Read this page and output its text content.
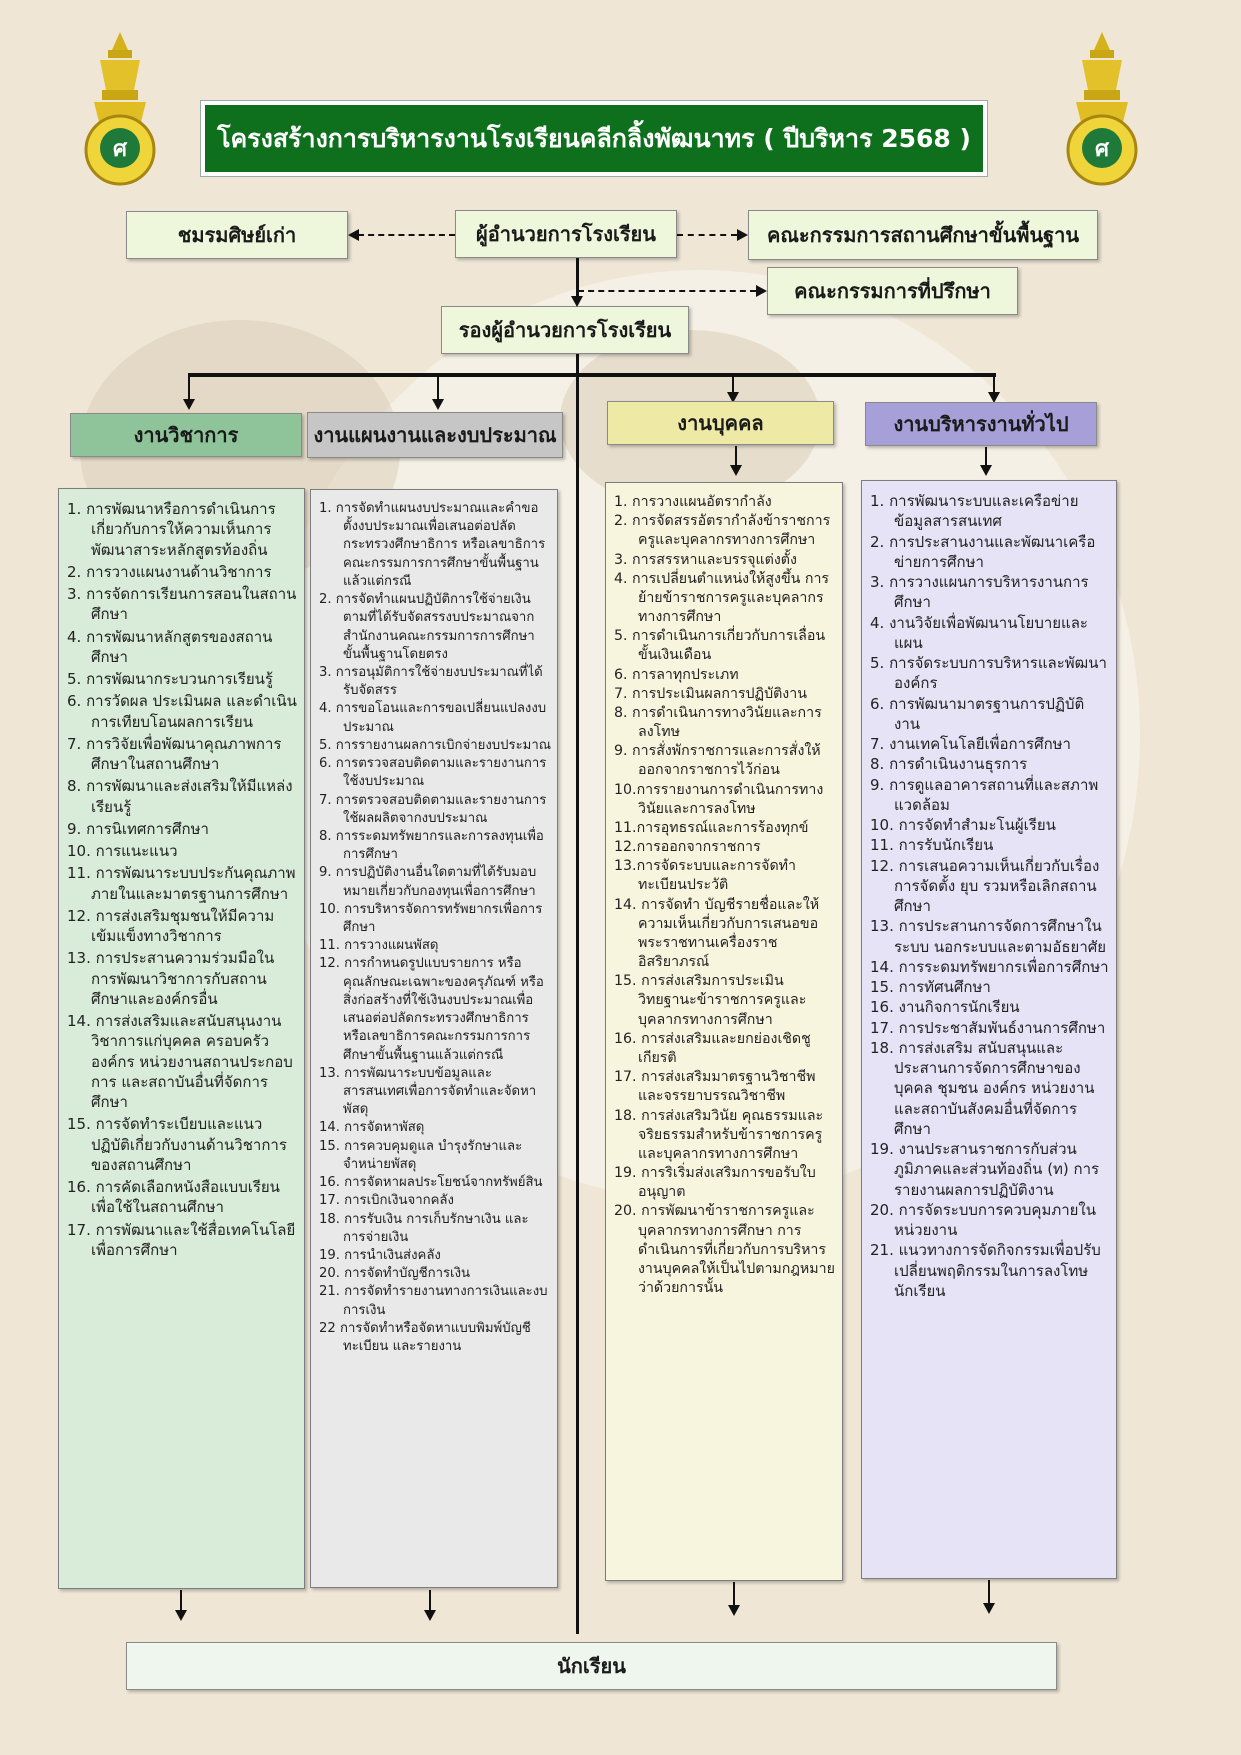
ศ	ศ
โครงสร้างการบริหารงานโรงเรียนคลีกลิ้งพัฒนาทร ( ปีบริหาร 2568 )
ชมรมศิษย์เก่า	ผู้อำนวยการโรงเรียน	คณะกรรมการสถานศึกษาขั้นพื้นฐาน
คณะกรรมการที่ปรึกษา
รองผู้อำนวยการโรงเรียน
งานวิชาการ	งานแผนงานและงบประมาณ	งานบุคคล	งานบริหารงานทั่วไป
1. การพัฒนาหรือการดำเนินการเกี่ยวกับการให้ความเห็นการพัฒนาสาระหลักสูตรท้องถิ่น
2. การวางแผนงานด้านวิชาการ
3. การจัดการเรียนการสอนในสถานศึกษา
4. การพัฒนาหลักสูตรของสถานศึกษา
5. การพัฒนากระบวนการเรียนรู้
6. การวัดผล ประเมินผล และดำเนินการเทียบโอนผลการเรียน
7. การวิจัยเพื่อพัฒนาคุณภาพการศึกษาในสถานศึกษา
8. การพัฒนาและส่งเสริมให้มีแหล่งเรียนรู้
9. การนิเทศการศึกษา
10. การแนะแนว
11. การพัฒนาระบบประกันคุณภาพภายในและมาตรฐานการศึกษา
12. การส่งเสริมชุมชนให้มีความเข้มแข็งทางวิชาการ
13. การประสานความร่วมมือในการพัฒนาวิชาการกับสถานศึกษาและองค์กรอื่น
14. การส่งเสริมและสนับสนุนงานวิชาการแก่บุคคล ครอบครัว องค์กร หน่วยงานสถานประกอบการ และสถาบันอื่นที่จัดการศึกษา
15. การจัดทำระเบียบและแนวปฏิบัติเกี่ยวกับงานด้านวิชาการของสถานศึกษา
16. การคัดเลือกหนังสือแบบเรียนเพื่อใช้ในสถานศึกษา
17. การพัฒนาและใช้สื่อเทคโนโลยีเพื่อการศึกษา
1. การจัดทำแผนงบประมาณและคำขอตั้งงบประมาณเพื่อเสนอต่อปลัดกระทรวงศึกษาธิการ หรือเลขาธิการคณะกรรมการการศึกษาขั้นพื้นฐาน แล้วแต่กรณี
2. การจัดทำแผนปฏิบัติการใช้จ่ายเงินตามที่ได้รับจัดสรรงบประมาณจากสำนักงานคณะกรรมการการศึกษาขั้นพื้นฐานโดยตรง
3. การอนุมัติการใช้จ่ายงบประมาณที่ได้รับจัดสรร
4. การขอโอนและการขอเปลี่ยนแปลงงบประมาณ
5. การรายงานผลการเบิกจ่ายงบประมาณ
6. การตรวจสอบติดตามและรายงานการใช้งบประมาณ
7. การตรวจสอบติดตามและรายงานการใช้ผลผลิตจากงบประมาณ
8. การระดมทรัพยากรและการลงทุนเพื่อการศึกษา
9. การปฏิบัติงานอื่นใดตามที่ได้รับมอบหมายเกี่ยวกับกองทุนเพื่อการศึกษา
10. การบริหารจัดการทรัพยากรเพื่อการศึกษา
11. การวางแผนพัสดุ
12. การกำหนดรูปแบบรายการ หรือคุณลักษณะเฉพาะของครุภัณฑ์ หรือสิ่งก่อสร้างที่ใช้เงินงบประมาณเพื่อเสนอต่อปลัดกระทรวงศึกษาธิการ หรือเลขาธิการคณะกรรมการการศึกษาขั้นพื้นฐานแล้วแต่กรณี
13. การพัฒนาระบบข้อมูลและสารสนเทศเพื่อการจัดทำและจัดหา พัสดุ
14. การจัดหาพัสดุ
15. การควบคุมดูแล บำรุงรักษาและจำหน่ายพัสดุ
16. การจัดหาผลประโยชน์จากทรัพย์สิน
17. การเบิกเงินจากคลัง
18. การรับเงิน การเก็บรักษาเงิน และการจ่ายเงิน
19. การนำเงินส่งคลัง
20. การจัดทำบัญชีการเงิน
21. การจัดทำรายงานทางการเงินและงบการเงิน
22 การจัดทำหรือจัดหาแบบพิมพ์บัญชีทะเบียน และรายงาน
1. การวางแผนอัตรากำลัง
2. การจัดสรรอัตรากำลังข้าราชการครูและบุคลากรทางการศึกษา
3. การสรรหาและบรรจุแต่งตั้ง
4. การเปลี่ยนตำแหน่งให้สูงขึ้น การย้ายข้าราชการครูและบุคลากรทางการศึกษา
5. การดำเนินการเกี่ยวกับการเลื่อนขั้นเงินเดือน
6. การลาทุกประเภท
7. การประเมินผลการปฏิบัติงาน
8. การดำเนินการทางวินัยและการลงโทษ
9. การสั่งพักราชการและการสั่งให้ออกจากราชการไว้ก่อน
10.การรายงานการดำเนินการทางวินัยและการลงโทษ
11.การอุทธรณ์และการร้องทุกข์
12.การออกจากราชการ
13.การจัดระบบและการจัดทำทะเบียนประวัติ
14. การจัดทำ บัญชีรายชื่อและให้ความเห็นเกี่ยวกับการเสนอขอพระราชทานเครื่องราชอิสริยาภรณ์
15. การส่งเสริมการประเมินวิทยฐานะข้าราชการครูและบุคลากรทางการศึกษา
16. การส่งเสริมและยกย่องเชิดชูเกียรติ
17. การส่งเสริมมาตรฐานวิชาชีพและจรรยาบรรณวิชาชีพ
18. การส่งเสริมวินัย คุณธรรมและจริยธรรมสำหรับข้าราชการครูและบุคลากรทางการศึกษา
19. การริเริ่มส่งเสริมการขอรับใบอนุญาต
20. การพัฒนาข้าราชการครูและบุคลากรทางการศึกษา การดำเนินการที่เกี่ยวกับการบริหารงานบุคคลให้เป็นไปตามกฎหมายว่าด้วยการนั้น
1. การพัฒนาระบบและเครือข่ายข้อมูลสารสนเทศ
2. การประสานงานและพัฒนาเครือข่ายการศึกษา
3. การวางแผนการบริหารงานการศึกษา
4. งานวิจัยเพื่อพัฒนานโยบายและแผน
5. การจัดระบบการบริหารและพัฒนาองค์กร
6. การพัฒนามาตรฐานการปฏิบัติงาน
7. งานเทคโนโลยีเพื่อการศึกษา
8. การดำเนินงานธุรการ
9. การดูแลอาคารสถานที่และสภาพแวดล้อม
10. การจัดทำสำมะโนผู้เรียน
11. การรับนักเรียน
12. การเสนอความเห็นเกี่ยวกับเรื่องการจัดตั้ง ยุบ รวมหรือเลิกสถานศึกษา
13. การประสานการจัดการศึกษาในระบบ นอกระบบและตามอัธยาศัย
14. การระดมทรัพยากรเพื่อการศึกษา
15. การทัศนศึกษา
16. งานกิจการนักเรียน
17. การประชาสัมพันธ์งานการศึกษา
18. การส่งเสริม สนับสนุนและประสานการจัดการศึกษาของบุคคล ชุมชน องค์กร หน่วยงานและสถาบันสังคมอื่นที่จัดการศึกษา
19. งานประสานราชการกับส่วนภูมิภาคและส่วนท้องถิ่น (ท) การรายงานผลการปฏิบัติงาน
20. การจัดระบบการควบคุมภายในหน่วยงาน
21. แนวทางการจัดกิจกรรมเพื่อปรับเปลี่ยนพฤติกรรมในการลงโทษนักเรียน
นักเรียน
